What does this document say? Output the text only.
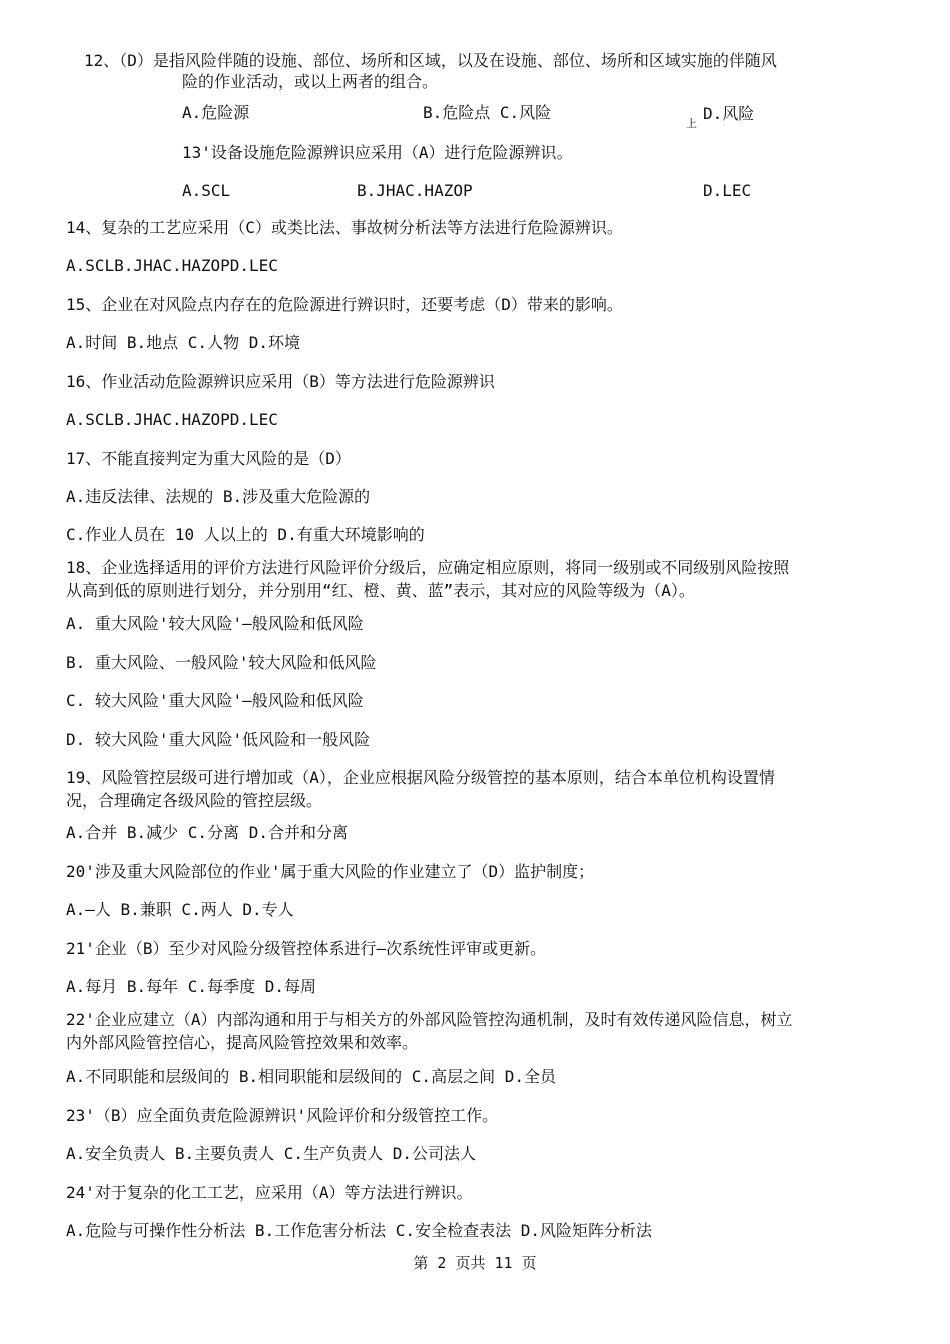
12、（D）是指风险伴随的设施、部位、场所和区域，以及在设施、部位、场所和区域实施的伴随风
险的作业活动，或以上两者的组合。
A.危险源	B.危险点 C.风险	D.风险
上
13'设备设施危险源辨识应采用（A）进行危险源辨识。
A.SCL	B.JHAC.HAZOP	D.LEC
14、复杂的工艺应采用（C）或类比法、事故树分析法等方法进行危险源辨识。
A.SCLB.JHAC.HAZOPD.LEC
15、企业在对风险点内存在的危险源进行辨识时，还要考虑（D）带来的影响。
A.时间 B.地点 C.人物 D.环境
16、作业活动危险源辨识应采用（B）等方法进行危险源辨识
A.SCLB.JHAC.HAZOPD.LEC
17、不能直接判定为重大风险的是（D）
A.违反法律、法规的 B.涉及重大危险源的
C.作业人员在 10 人以上的 D.有重大环境影响的
18、企业选择适用的评价方法进行风险评价分级后，应确定相应原则，将同一级别或不同级别风险按照
从高到低的原则进行划分，并分别用“红、橙、黄、蓝”表示，其对应的风险等级为（A）。
A. 重大风险'较大风险'—般风险和低风险
B. 重大风险、一般风险'较大风险和低风险
C. 较大风险'重大风险'—般风险和低风险
D. 较大风险'重大风险'低风险和一般风险
19、风险管控层级可进行增加或（A），企业应根据风险分级管控的基本原则，结合本单位机构设置情
况，合理确定各级风险的管控层级。
A.合并 B.减少 C.分离 D.合并和分离
20'涉及重大风险部位的作业'属于重大风险的作业建立了（D）监护制度；
A.—人 B.兼职 C.两人 D.专人
21'企业（B）至少对风险分级管控体系进行—次系统性评审或更新。
A.每月 B.每年 C.每季度 D.每周
22'企业应建立（A）内部沟通和用于与相关方的外部风险管控沟通机制，及时有效传递风险信息，树立
内外部风险管控信心，提高风险管控效果和效率。
A.不同职能和层级间的 B.相同职能和层级间的 C.高层之间 D.全员
23'（B）应全面负责危险源辨识'风险评价和分级管控工作。
A.安全负责人 B.主要负责人 C.生产负责人 D.公司法人
24'对于复杂的化工工艺，应采用（A）等方法进行辨识。
A.危险与可操作性分析法 B.工作危害分析法 C.安全检查表法 D.风险矩阵分析法
第 2 页共 11 页
